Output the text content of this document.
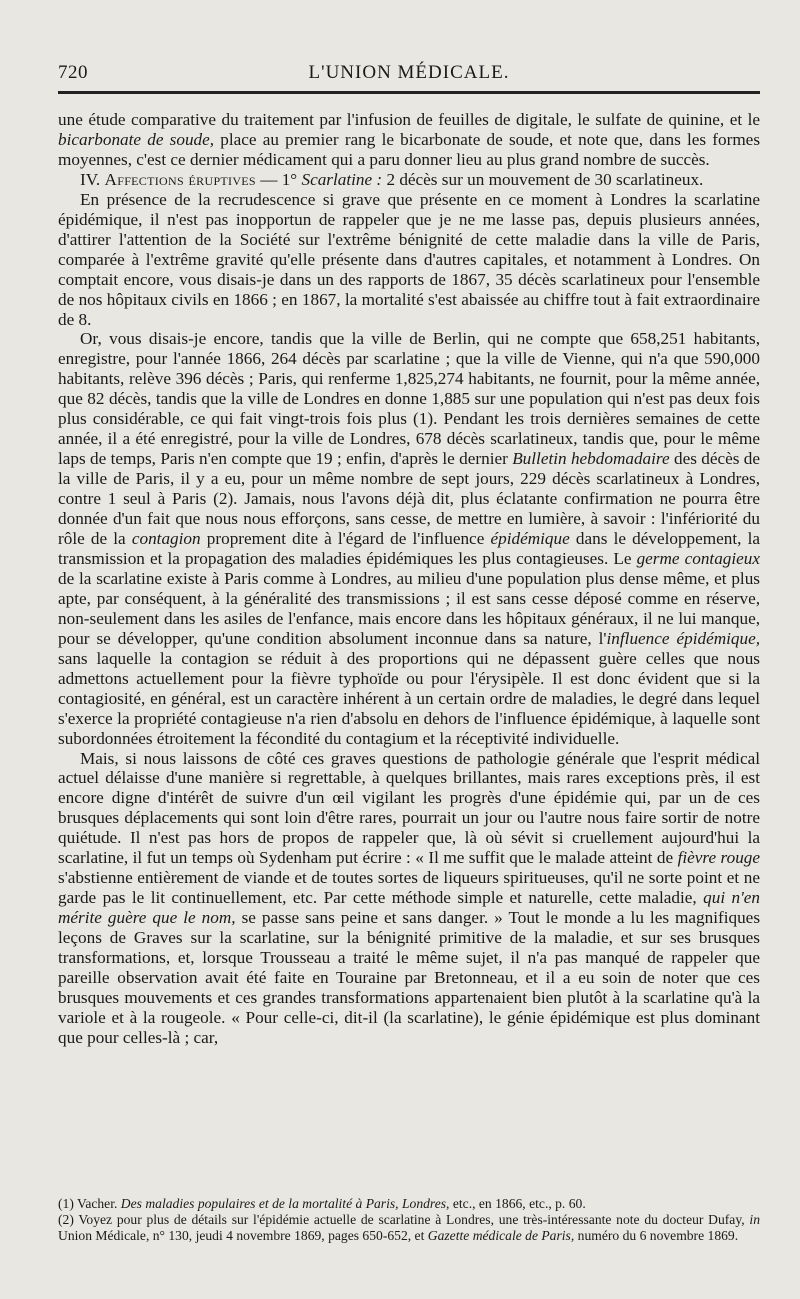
720	L'UNION MÉDICALE.

une étude comparative du traitement par l'infusion de feuilles de digitale, le sulfate de quinine, et le bicarbonate de soude, place au premier rang le bicarbonate de soude, et note que, dans les formes moyennes, c'est ce dernier médicament qui a paru donner lieu au plus grand nombre de succès.

IV. Affections éruptives — 1° Scarlatine : 2 décès sur un mouvement de 30 scarlatineux.

En présence de la recrudescence si grave que présente en ce moment à Londres la scarlatine épidémique, il n'est pas inopportun de rappeler que je ne me lasse pas, depuis plusieurs années, d'attirer l'attention de la Société sur l'extrême bénignité de cette maladie dans la ville de Paris, comparée à l'extrême gravité qu'elle présente dans d'autres capitales, et notamment à Londres. On comptait encore, vous disais-je dans un des rapports de 1867, 35 décès scarlatineux pour l'ensemble de nos hôpitaux civils en 1866 ; en 1867, la mortalité s'est abaissée au chiffre tout à fait extraordinaire de 8.

Or, vous disais-je encore, tandis que la ville de Berlin, qui ne compte que 658,251 habitants, enregistre, pour l'année 1866, 264 décès par scarlatine ; que la ville de Vienne, qui n'a que 590,000 habitants, relève 396 décès ; Paris, qui renferme 1,825,274 habitants, ne fournit, pour la même année, que 82 décès, tandis que la ville de Londres en donne 1,885 sur une population qui n'est pas deux fois plus considérable, ce qui fait vingt-trois fois plus (1). Pendant les trois dernières semaines de cette année, il a été enregistré, pour la ville de Londres, 678 décès scarlatineux, tandis que, pour le même laps de temps, Paris n'en compte que 19 ; enfin, d'après le dernier Bulletin hebdomadaire des décès de la ville de Paris, il y a eu, pour un même nombre de sept jours, 229 décès scarlatineux à Londres, contre 1 seul à Paris (2). Jamais, nous l'avons déjà dit, plus éclatante confirmation ne pourra être donnée d'un fait que nous nous efforçons, sans cesse, de mettre en lumière, à savoir : l'infériorité du rôle de la contagion proprement dite à l'égard de l'influence épidémique dans le développement, la transmission et la propagation des maladies épidémiques les plus contagieuses. Le germe contagieux de la scarlatine existe à Paris comme à Londres, au milieu d'une population plus dense même, et plus apte, par conséquent, à la généralité des transmissions ; il est sans cesse déposé comme en réserve, non-seulement dans les asiles de l'enfance, mais encore dans les hôpitaux généraux, il ne lui manque, pour se développer, qu'une condition absolument inconnue dans sa nature, l'influence épidémique, sans laquelle la contagion se réduit à des proportions qui ne dépassent guère celles que nous admettons actuellement pour la fièvre typhoïde ou pour l'érysipèle. Il est donc évident que si la contagiosité, en général, est un caractère inhérent à un certain ordre de maladies, le degré dans lequel s'exerce la propriété contagieuse n'a rien d'absolu en dehors de l'influence épidémique, à laquelle sont subordonnées étroitement la fécondité du contagium et la réceptivité individuelle.

Mais, si nous laissons de côté ces graves questions de pathologie générale que l'esprit médical actuel délaisse d'une manière si regrettable, à quelques brillantes, mais rares exceptions près, il est encore digne d'intérêt de suivre d'un œil vigilant les progrès d'une épidémie qui, par un de ces brusques déplacements qui sont loin d'être rares, pourrait un jour ou l'autre nous faire sortir de notre quiétude. Il n'est pas hors de propos de rappeler que, là où sévit si cruellement aujourd'hui la scarlatine, il fut un temps où Sydenham put écrire : « Il me suffit que le malade atteint de fièvre rouge s'abstienne entièrement de viande et de toutes sortes de liqueurs spiritueuses, qu'il ne sorte point et ne garde pas le lit continuellement, etc. Par cette méthode simple et naturelle, cette maladie, qui n'en mérite guère que le nom, se passe sans peine et sans danger. » Tout le monde a lu les magnifiques leçons de Graves sur la scarlatine, sur la bénignité primitive de la maladie, et sur ses brusques transformations, et, lorsque Trousseau a traité le même sujet, il n'a pas manqué de rappeler que pareille observation avait été faite en Touraine par Bretonneau, et il a eu soin de noter que ces brusques mouvements et ces grandes transformations appartenaient bien plutôt à la scarlatine qu'à la variole et à la rougeole. « Pour celle-ci, dit-il (la scarlatine), le génie épidémique est plus dominant que pour celles-là ; car,

(1) Vacher. Des maladies populaires et de la mortalité à Paris, Londres, etc., en 1866, etc., p. 60.

(2) Voyez pour plus de détails sur l'épidémie actuelle de scarlatine à Londres, une très-intéressante note du docteur Dufay, in Union Médicale, n° 130, jeudi 4 novembre 1869, pages 650-652, et Gazette médicale de Paris, numéro du 6 novembre 1869.
